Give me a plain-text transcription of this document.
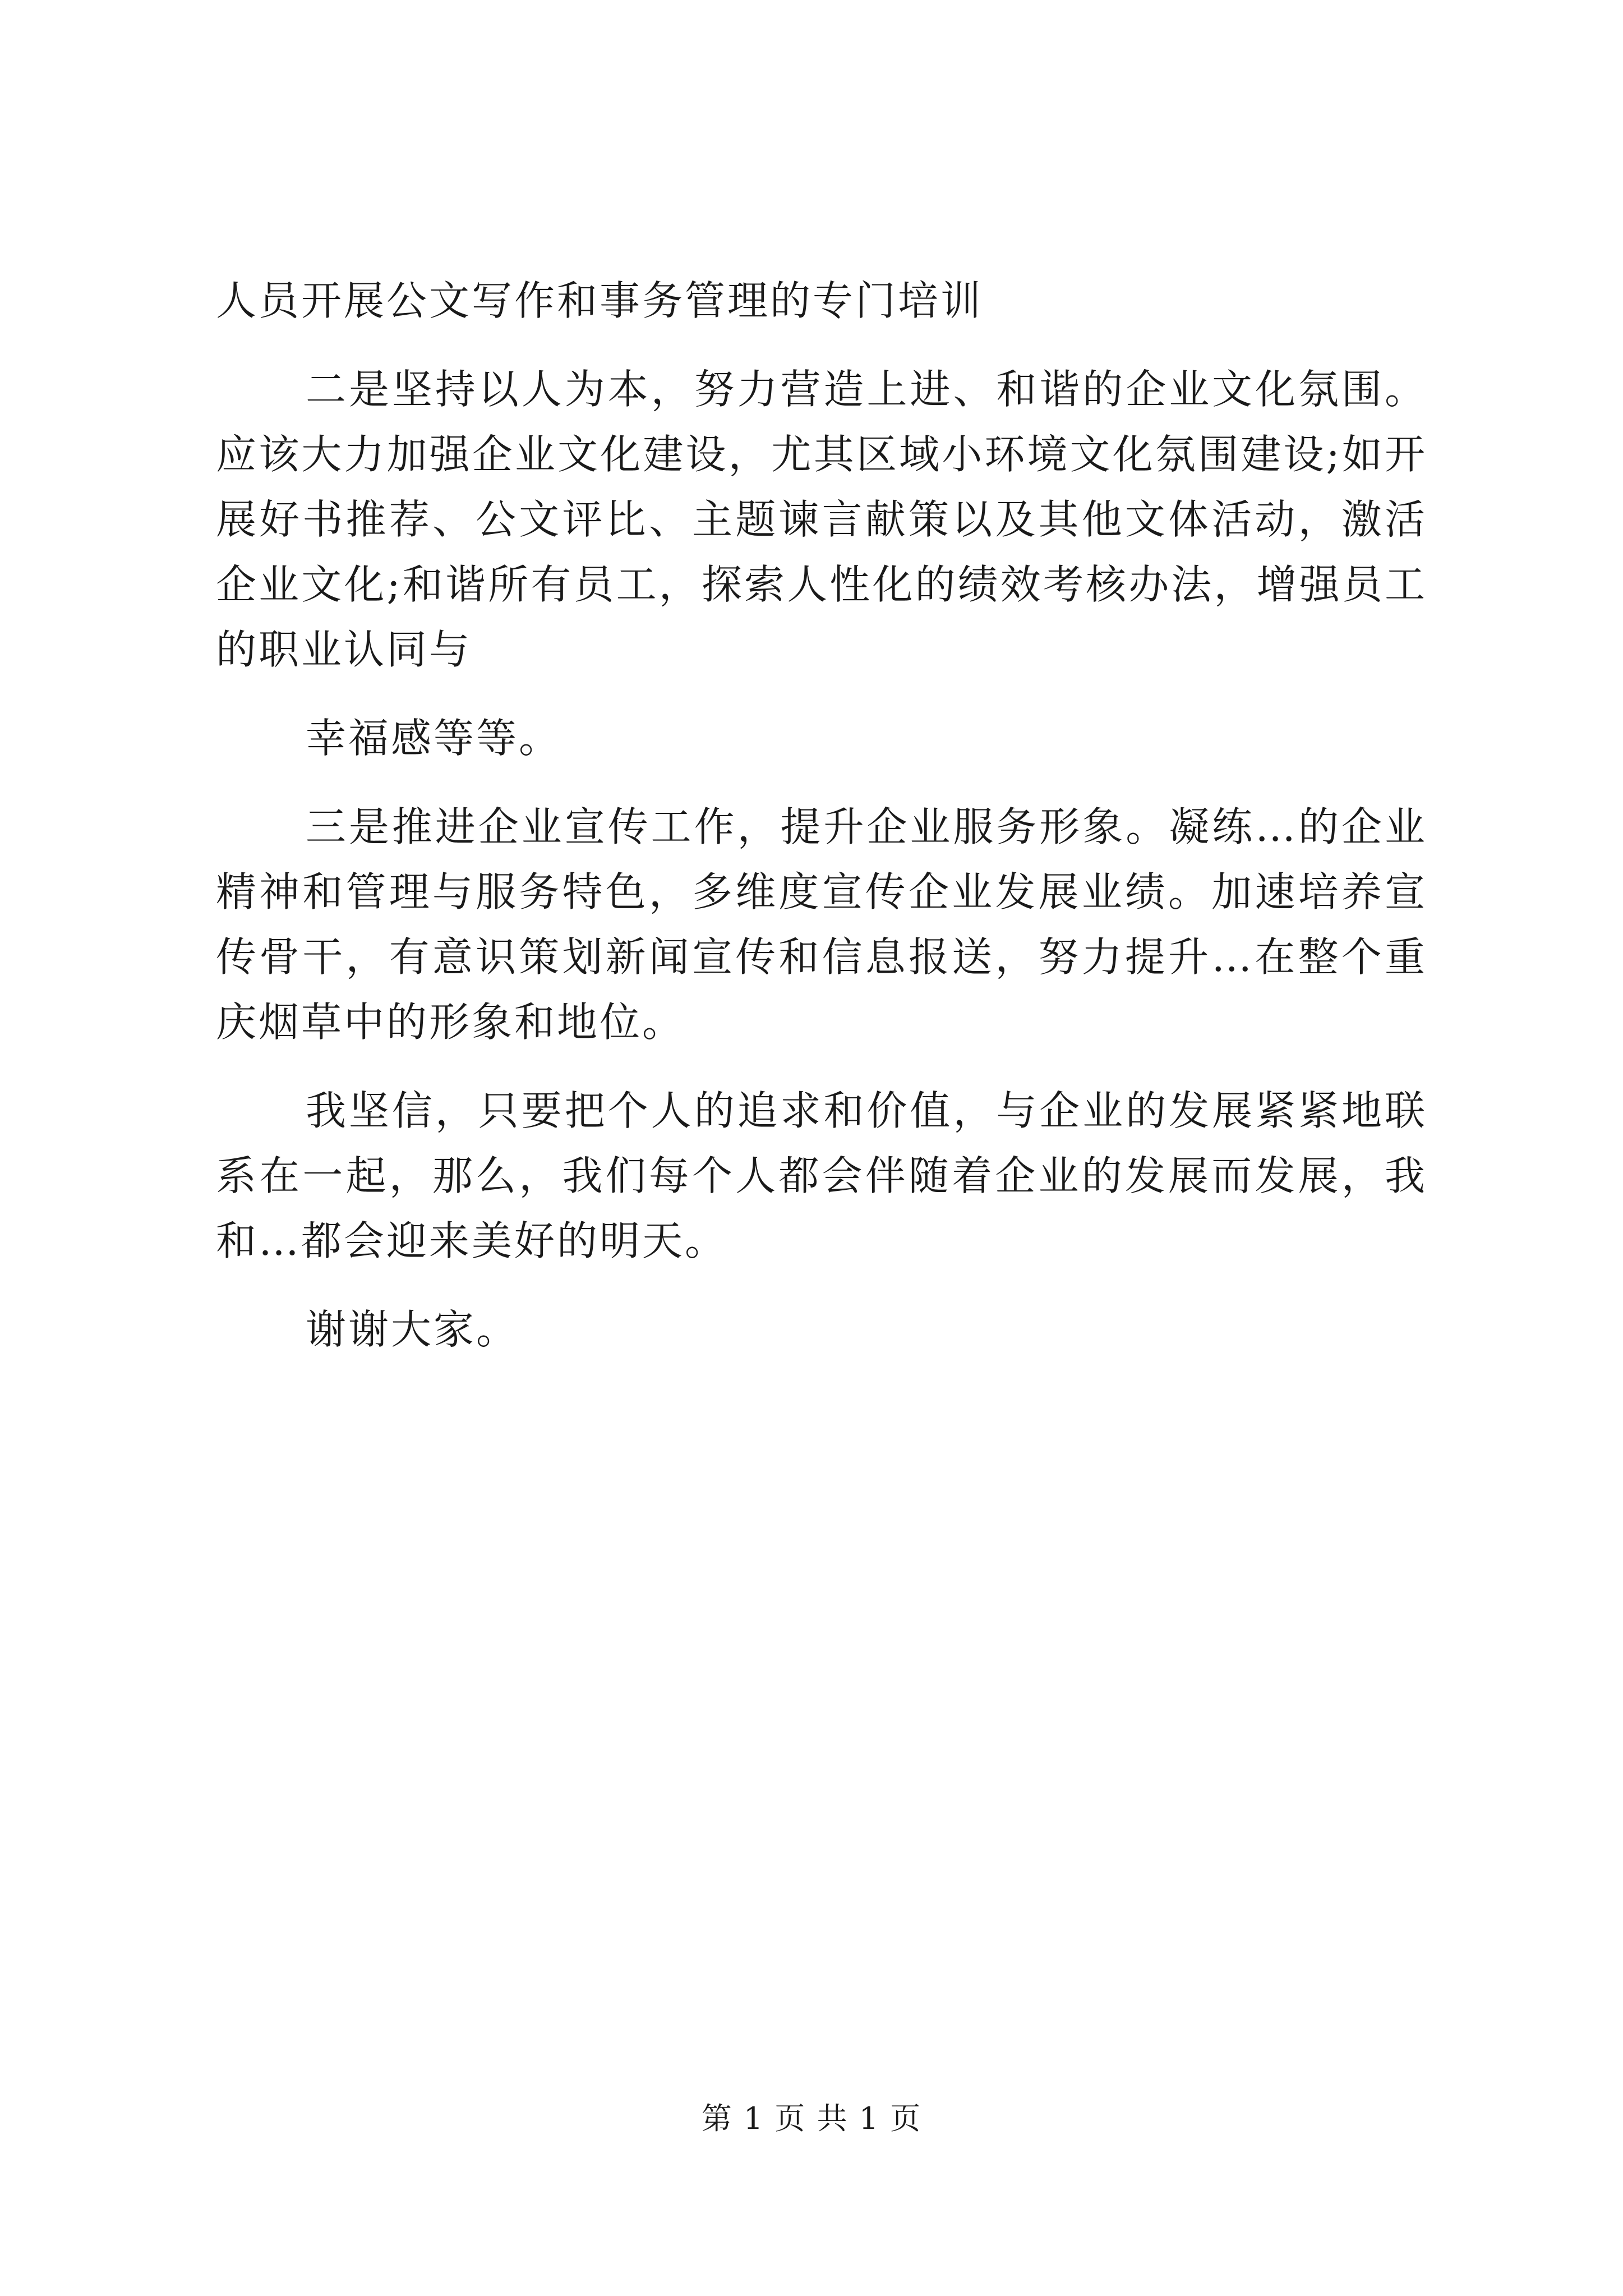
人员开展公文写作和事务管理的专门培训

二是坚持以人为本，努力营造上进、和谐的企业文化氛围。应该大力加强企业文化建设，尤其区域小环境文化氛围建设;如开展好书推荐、公文评比、主题谏言献策以及其他文体活动，激活企业文化;和谐所有员工，探索人性化的绩效考核办法，增强员工的职业认同与

幸福感等等。

三是推进企业宣传工作，提升企业服务形象。凝练…的企业精神和管理与服务特色，多维度宣传企业发展业绩。加速培养宣传骨干，有意识策划新闻宣传和信息报送，努力提升…在整个重庆烟草中的形象和地位。

我坚信，只要把个人的追求和价值，与企业的发展紧紧地联系在一起，那么，我们每个人都会伴随着企业的发展而发展，我和…都会迎来美好的明天。

谢谢大家。

第 1 页 共 1 页
